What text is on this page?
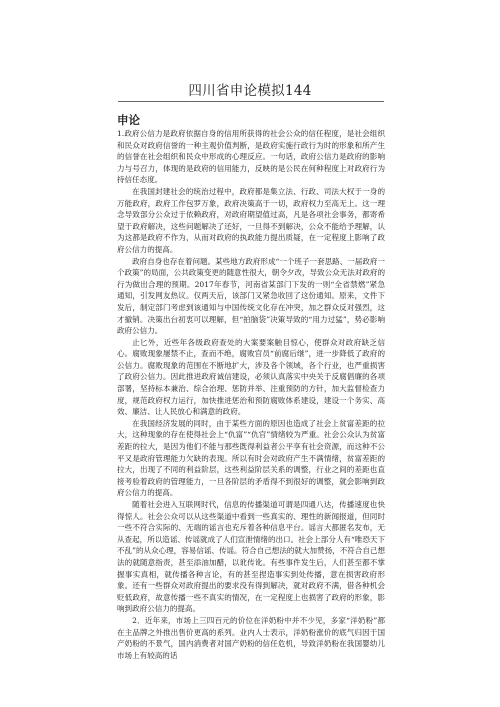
四川省申论模拟144
申论

1.政府公信力是政府依据自身的信用所获得的社会公众的信任程度，是社会组织和民众对政府信誉的一种主观价值判断，是政府实施行政行为时的形象和所产生的信誉在社会组织和民众中形成的心理反应。一句话，政府公信力是政府的影响力与号召力，体现的是政府的信用能力，反映的是公民在何种程度上对政府行为持信任态度。

在我国封建社会的统治过程中，政府都是集立法、行政、司法大权于一身的万能政府，政府工作包罗万象，政府决策高于一切，政府权力至高无上。这一理念导致部分公众过于依赖政府，对政府期望值过高，凡是各项社会事务，都寄希望于政府解决，这些问题解决了还好，一旦得不到解决，公众不能给予理解，认为这都是政府不作为，从而对政府的执政能力提出质疑，在一定程度上影响了政府公信力的提高。

政府自身也存在着问题。某些地方政府形成“一个班子一套思路、一届政府一个政策”的局面，公共政策变更的随意性很大，朝令夕改，导致公众无法对政府的行为做出合理的预期。2017年春节，河南省某部门下发的一则“全省禁燃”紧急通知，引发网友热议。仅两天后，该部门又紧急收回了这份通知。原来，文件下发后，制定部门考虑到该通知与中国传统文化存在冲突，加之群众反对强烈，这才撤销。决策出台初衷可以理解，但“拍脑袋”决策导致的“用力过猛”，势必影响政府公信力。

止匕外，近些年各级政府查处的大案要案触目惊心，使群众对政府缺乏信心。腐败现象屡禁不止，查而不绝，腐败官员“前腐后继”，进一步降低了政府的公信力。腐败现象的范围在不断地扩大，涉及各个领域，各个行业，也严重损害了政府公信力。因此推进政府诚信建设，必须认真落实中央关于反腐倡廉的各项部署，坚持标本兼治、综合治理、惩防并举、注重预防的方针，加大监督检查力度，规范政府权力运行，加快推进惩治和预防腐败体系建设，建设一个务实、高效、廉洁、让人民放心和满意的政府。

在我国经济发展的同时，由于某些方面的原因也造成了社会上贫富差距的拉大，这种现象的存在使得社会上“仇富”“仇官”情绪较为严重。社会公众认为贫富差距的拉大，是因为他们不能与那些既得利益者公平享有社会资源，而这种不公平又是政府管理能力欠缺的表现。所以有时会对政府产生不满情绪，贫富差距的拉大，出现了不同的利益阶层，这些利益阶层关系的调整，行业之间的差距也直接考验着政府的管理能力，一旦各阶层的矛盾得不到很好的调整，就会影响到政府公信力的提高。

随着社会进入互联网时代，信息的传播渠道可谓是四通八达，传播速度也快得惊人。社会公众可以从这些渠道中看到一些真实的、理性的新闻报道，但同时一些不符合实际的、无端的谣言也充斥着各种信息平台。谣言大都匿名发布，无从查起，所以造谣、传谣就成了人们宣泄情绪的出口。社会上部分人有“唯恐天下不乱”的从众心理，容易信谣、传谣。符合自己想法的就大加赞扬，不符合自己想法的就随意指责，甚至添油加醋，以讹传讹。有些事件发生后，人们甚至都不掌握事实真相，就传播各种言论，有的甚至捏造事实到处传播，意在损害政府形象。还有一些群众对政府提出的要求没有得到解决，就对政府不满，借各种机会贬低政府，故意传播一些不真实的情况，在一定程度上也损害了政府的形象，影响到政府公信力的提高。

2．近年来，市场上三四百元的价位在洋奶粉中并不少见，多家“洋奶粉”都在主品牌之外推出售价更高的系列。业内人士表示，洋奶粉涨价的底气归因于国产奶粉的不景气，国内消费者对国产奶粉的信任危机，导致洋奶粉在我国婴幼儿市场上有较高的话
